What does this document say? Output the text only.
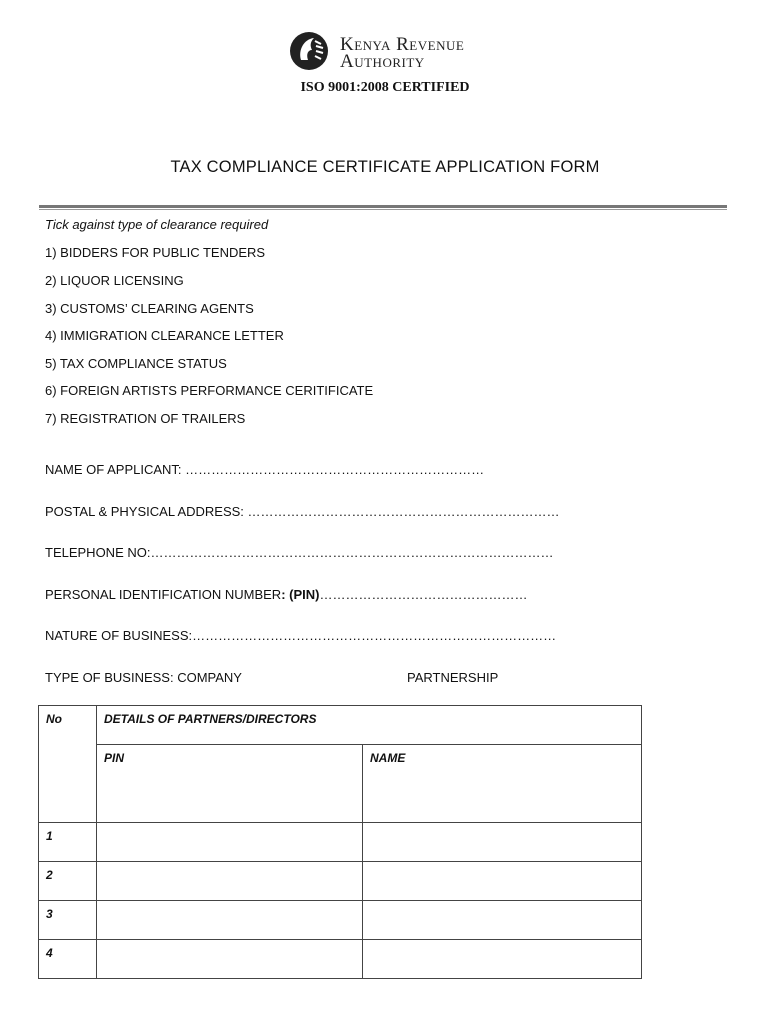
Kenya Revenue
Authority
ISO 9001:2008 CERTIFIED
TAX COMPLIANCE CERTIFICATE APPLICATION FORM
Tick against type of clearance required
1) BIDDERS FOR PUBLIC TENDERS
2) LIQUOR LICENSING
3) CUSTOMS’ CLEARING AGENTS
4) IMMIGRATION CLEARANCE LETTER
5) TAX COMPLIANCE STATUS
6) FOREIGN ARTISTS PERFORMANCE CERITIFICATE
7) REGISTRATION OF TRAILERS
NAME OF APPLICANT: ……………………………………………………………
POSTAL & PHYSICAL ADDRESS: ………………………………………………………………
TELEPHONE NO:…………………………………………………………………………………
PERSONAL IDENTIFICATION NUMBER: (PIN)…………………………………………
NATURE OF BUSINESS:…………………………………………………………………………
TYPE OF BUSINESS: COMPANY	PARTNERSHIP
No	DETAILS OF PARTNERS/DIRECTORS	
	PIN	NAME

1		
2		
3		
4		
